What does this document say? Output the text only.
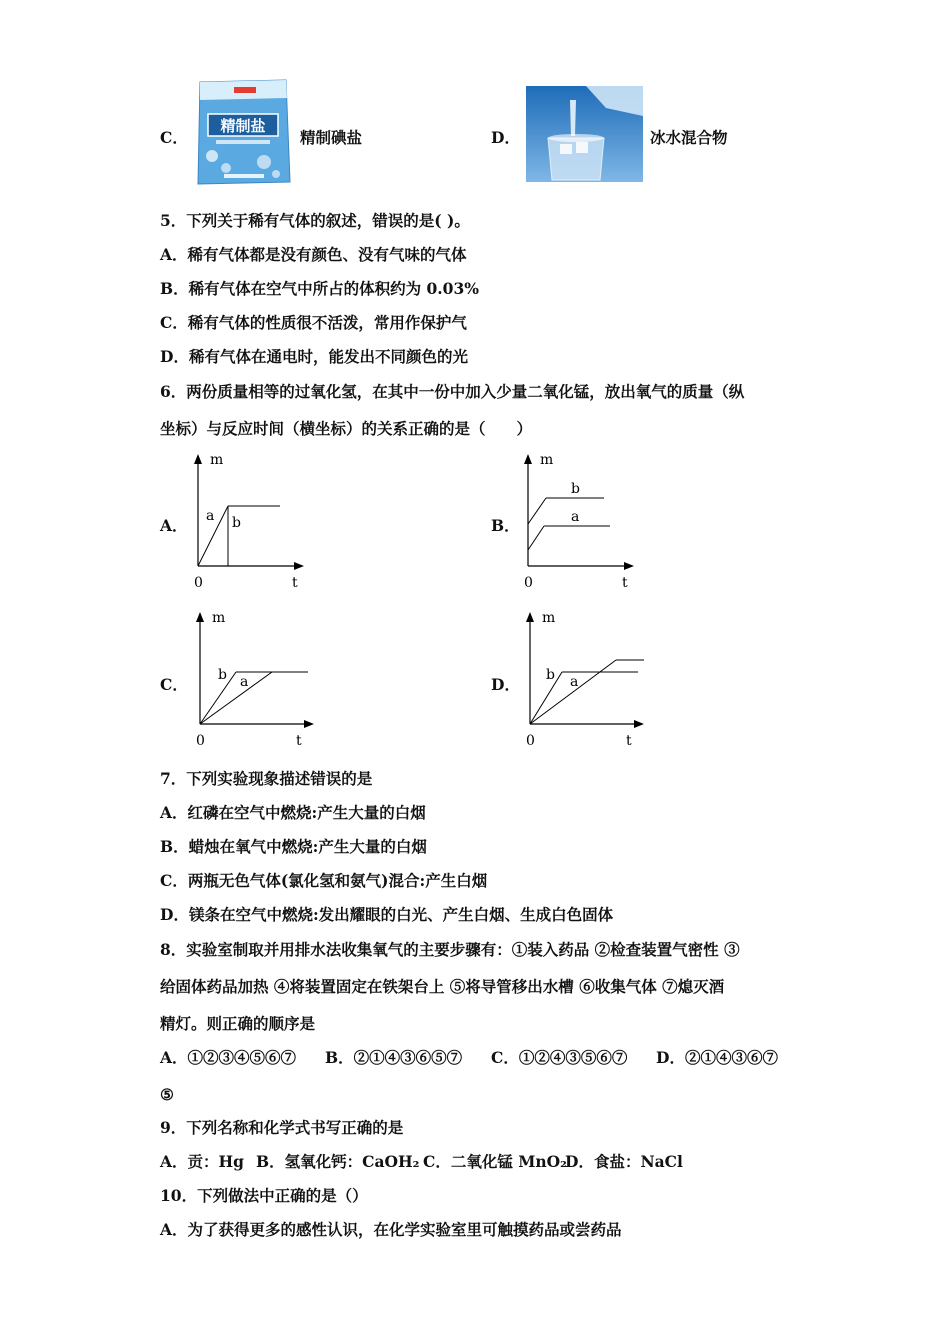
C．
精制盐
精制碘盐	D．	冰水混合物
5．下列关于稀有气体的叙述，错误的是( )。
A．稀有气体都是没有颜色、没有气味的气体
B．稀有气体在空气中所占的体积约为 0.03%
C．稀有气体的性质很不活泼，常用作保护气
D．稀有气体在通电时，能发出不同颜色的光
6．两份质量相等的过氧化氢，在其中一份中加入少量二氧化锰，放出氧气的质量（纵
坐标）与反应时间（横坐标）的关系正确的是（　　）
A．
m
t
0
a b	B．
m
t
0
b
a
C．
m
t
0
b a	D．
m
t
0
b a
7．下列实验现象描述错误的是
A．红磷在空气中燃烧:产生大量的白烟
B．蜡烛在氧气中燃烧:产生大量的白烟
C．两瓶无色气体(氯化氢和氨气)混合:产生白烟
D．镁条在空气中燃烧:发出耀眼的白光、产生白烟、生成白色固体
8．实验室制取并用排水法收集氧气的主要步骤有：①装入药品 ②检查装置气密性 ③
给固体药品加热 ④将装置固定在铁架台上 ⑤将导管移出水槽 ⑥收集气体 ⑦熄灭酒
精灯。则正确的顺序是
A．①②③④⑤⑥⑦ B．②①④③⑥⑤⑦ C．①②④③⑤⑥⑦ D．②①④③⑥⑦
⑤
9．下列名称和化学式书写正确的是
A．贡：Hg B．氢氧化钙：CaOH₂ C．二氧化锰 MnO₂
D．食盐：NaCl
10．下列做法中正确的是（）
A．为了获得更多的感性认识，在化学实验室里可触摸药品或尝药品
